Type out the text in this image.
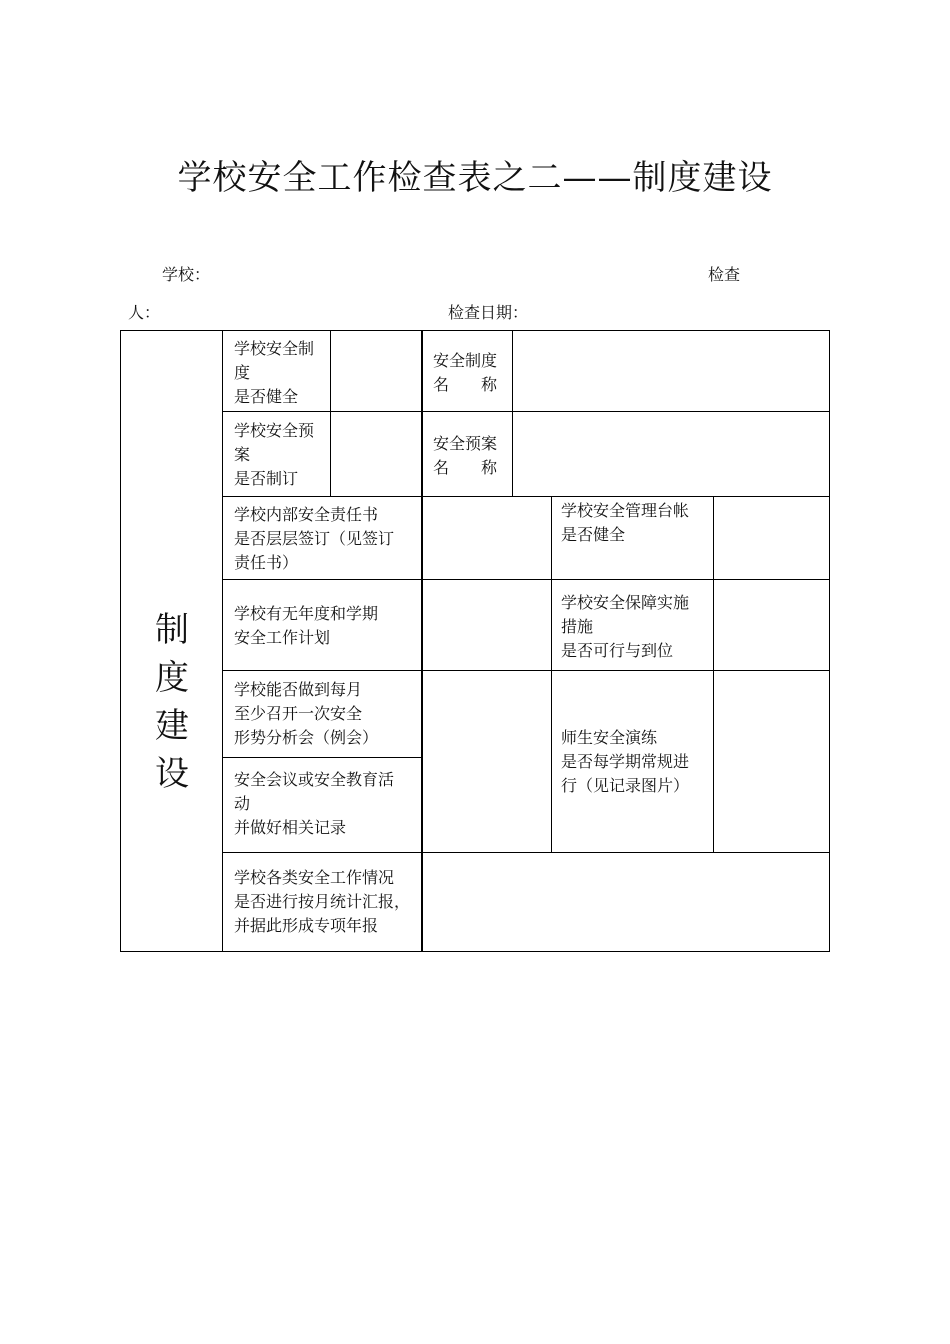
学校安全工作检查表之二——制度建设
学校：	检查
人：	检查日期：
制
度
建
设
学校安全制
度
是否健全
安全制度
名 称
学校安全预
案
是否制订
安全预案
名 称
学校内部安全责任书
是否层层签订（见签订
责任书）
学校安全管理台帐
是否健全
学校有无年度和学期
安全工作计划
学校安全保障实施
措施
是否可行与到位
学校能否做到每月
至少召开一次安全
形势分析会（例会）
安全会议或安全教育活
动
并做好相关记录
师生安全演练
是否每学期常规进
行（见记录图片）
学校各类安全工作情况
是否进行按月统计汇报，
并据此形成专项年报
